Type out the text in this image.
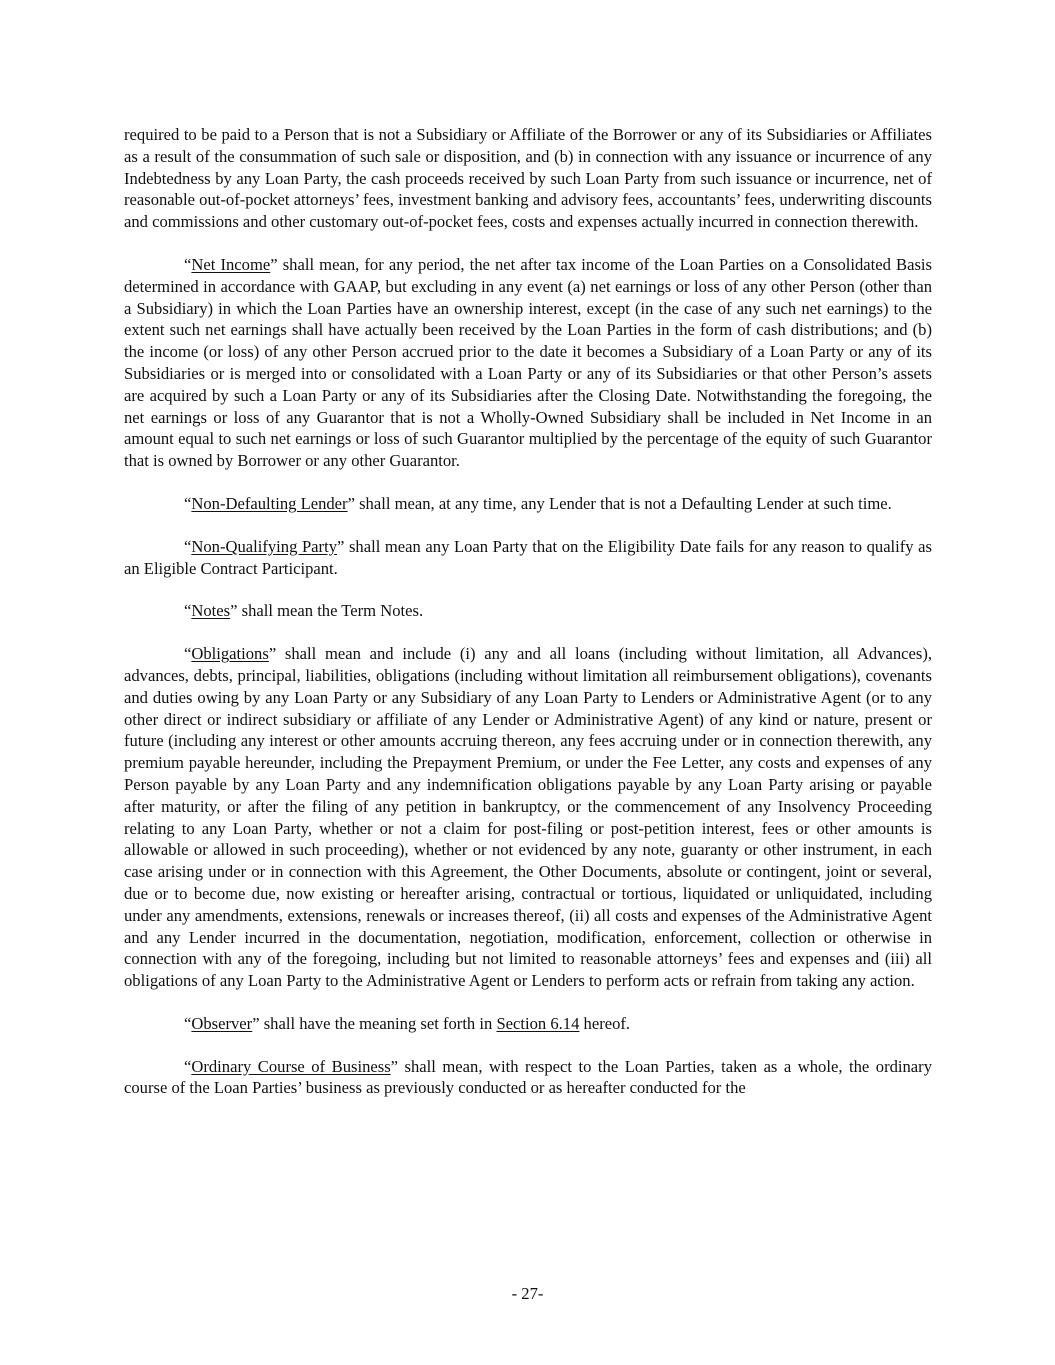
required to be paid to a Person that is not a Subsidiary or Affiliate of the Borrower or any of its Subsidiaries or Affiliates as a result of the consummation of such sale or disposition, and (b) in connection with any issuance or incurrence of any Indebtedness by any Loan Party, the cash proceeds received by such Loan Party from such issuance or incurrence, net of reasonable out-of-pocket attorneys’ fees, investment banking and advisory fees, accountants’ fees, underwriting discounts and commissions and other customary out-of-pocket fees, costs and expenses actually incurred in connection therewith.

“Net Income” shall mean, for any period, the net after tax income of the Loan Parties on a Consolidated Basis determined in accordance with GAAP, but excluding in any event (a) net earnings or loss of any other Person (other than a Subsidiary) in which the Loan Parties have an ownership interest, except (in the case of any such net earnings) to the extent such net earnings shall have actually been received by the Loan Parties in the form of cash distributions; and (b) the income (or loss) of any other Person accrued prior to the date it becomes a Subsidiary of a Loan Party or any of its Subsidiaries or is merged into or consolidated with a Loan Party or any of its Subsidiaries or that other Person’s assets are acquired by such a Loan Party or any of its Subsidiaries after the Closing Date. Notwithstanding the foregoing, the net earnings or loss of any Guarantor that is not a Wholly-Owned Subsidiary shall be included in Net Income in an amount equal to such net earnings or loss of such Guarantor multiplied by the percentage of the equity of such Guarantor that is owned by Borrower or any other Guarantor.

“Non-Defaulting Lender” shall mean, at any time, any Lender that is not a Defaulting Lender at such time.

“Non-Qualifying Party” shall mean any Loan Party that on the Eligibility Date fails for any reason to qualify as an Eligible Contract Participant.

“Notes” shall mean the Term Notes.

“Obligations” shall mean and include (i) any and all loans (including without limitation, all Advances), advances, debts, principal, liabilities, obligations (including without limitation all reimbursement obligations), covenants and duties owing by any Loan Party or any Subsidiary of any Loan Party to Lenders or Administrative Agent (or to any other direct or indirect subsidiary or affiliate of any Lender or Administrative Agent) of any kind or nature, present or future (including any interest or other amounts accruing thereon, any fees accruing under or in connection therewith, any premium payable hereunder, including the Prepayment Premium, or under the Fee Letter, any costs and expenses of any Person payable by any Loan Party and any indemnification obligations payable by any Loan Party arising or payable after maturity, or after the filing of any petition in bankruptcy, or the commencement of any Insolvency Proceeding relating to any Loan Party, whether or not a claim for post-filing or post-petition interest, fees or other amounts is allowable or allowed in such proceeding), whether or not evidenced by any note, guaranty or other instrument, in each case arising under or in connection with this Agreement, the Other Documents, absolute or contingent, joint or several, due or to become due, now existing or hereafter arising, contractual or tortious, liquidated or unliquidated, including under any amendments, extensions, renewals or increases thereof, (ii) all costs and expenses of the Administrative Agent and any Lender incurred in the documentation, negotiation, modification, enforcement, collection or otherwise in connection with any of the foregoing, including but not limited to reasonable attorneys’ fees and expenses and (iii) all obligations of any Loan Party to the Administrative Agent or Lenders to perform acts or refrain from taking any action.

“Observer” shall have the meaning set forth in Section 6.14 hereof.

“Ordinary Course of Business” shall mean, with respect to the Loan Parties, taken as a whole, the ordinary course of the Loan Parties’ business as previously conducted or as hereafter conducted for the

- 27-
